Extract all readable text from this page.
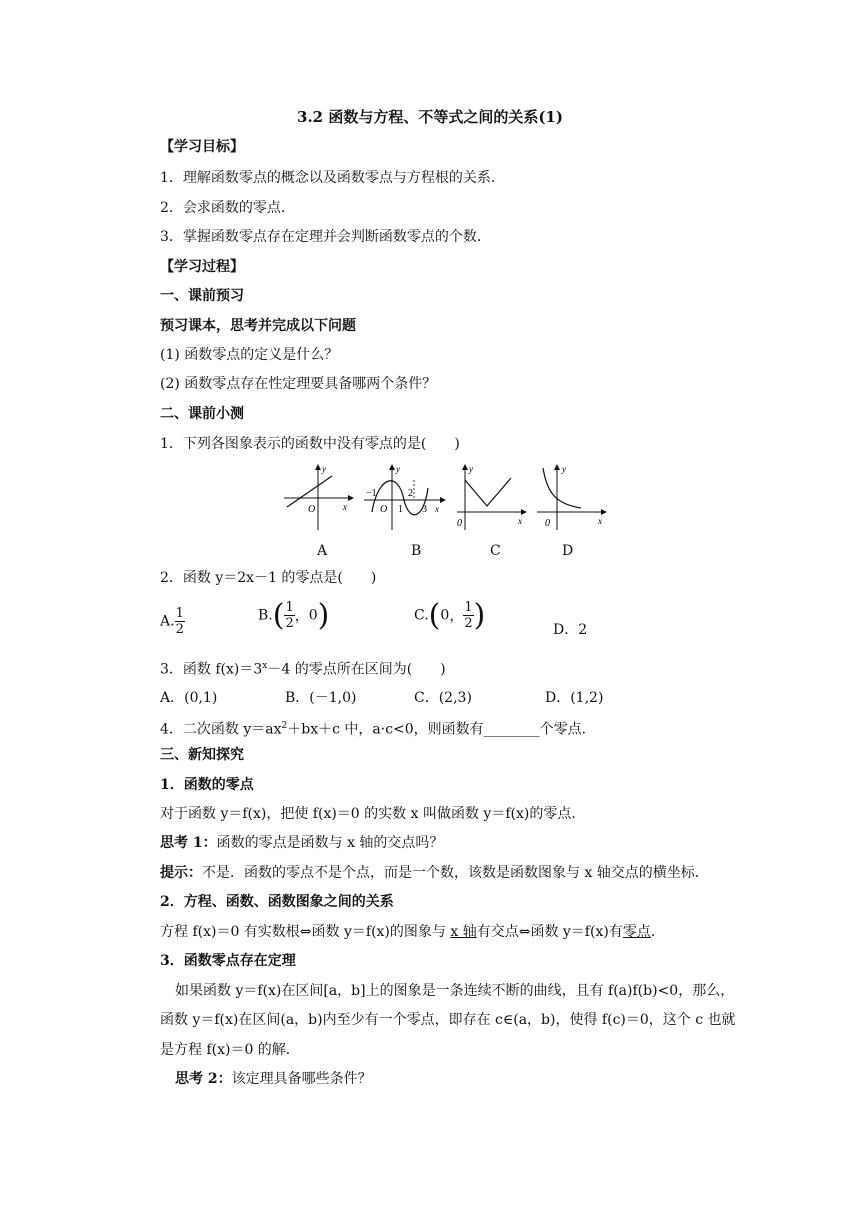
3.2 函数与方程、不等式之间的关系(1)
【学习目标】
1．理解函数零点的概念以及函数零点与方程根的关系．
2．会求函数的零点．
3．掌握函数零点存在定理并会判断函数零点的个数．
【学习过程】
一、课前预习
预习课本，思考并完成以下问题
(1) 函数零点的定义是什么？
(2) 函数零点存在性定理要具备哪两个条件？
二、课前小测
1．下列各图象表示的函数中没有零点的是(　　)
O	x
y
−1	2
O 1 3 x
y
0	x
y
0	x
y
A	B	C	D
2．函数 y＝2x－1 的零点是(　　)
A. $\frac{1}{2}$	$B.( \frac{1}{2}$ ，0)	C.(0， $\frac{1}{2}$ )	D．2
3．函数 $f(x)=3^x-4$ 的零点所在区间为(　　)
A．(0,1)	B．(－1,0)	C．(2,3)	D．(1,2)
4．二次函数 $y=ax^2+bx+c$ 中，a·c<0，则函数有________个零点．
三、新知探究
1．函数的零点
对于函数 y＝f(x)，把使 f(x)＝0 的实数 x 叫做函数 y＝f(x)的零点．
思考 1：函数的零点是函数与 x 轴的交点吗？
提示：不是．函数的零点不是个点，而是一个数，该数是函数图象与 x 轴交点的横坐标．
2．方程、函数、函数图象之间的关系
方程 f(x)＝0 有实数根⇔函数 y＝f(x)的图象与 x 轴有交点⇔函数 y＝f(x)有零点．
3．函数零点存在定理
如果函数 y＝f(x)在区间[a，b]上的图象是一条连续不断的曲线，且有 f(a)f(b)<0，那么，
函数 y＝f(x)在区间(a，b)内至少有一个零点，即存在 c∈(a，b)，使得 f(c)＝0，这个 c 也就
是方程 f(x)＝0 的解．
思考 2：该定理具备哪些条件？
